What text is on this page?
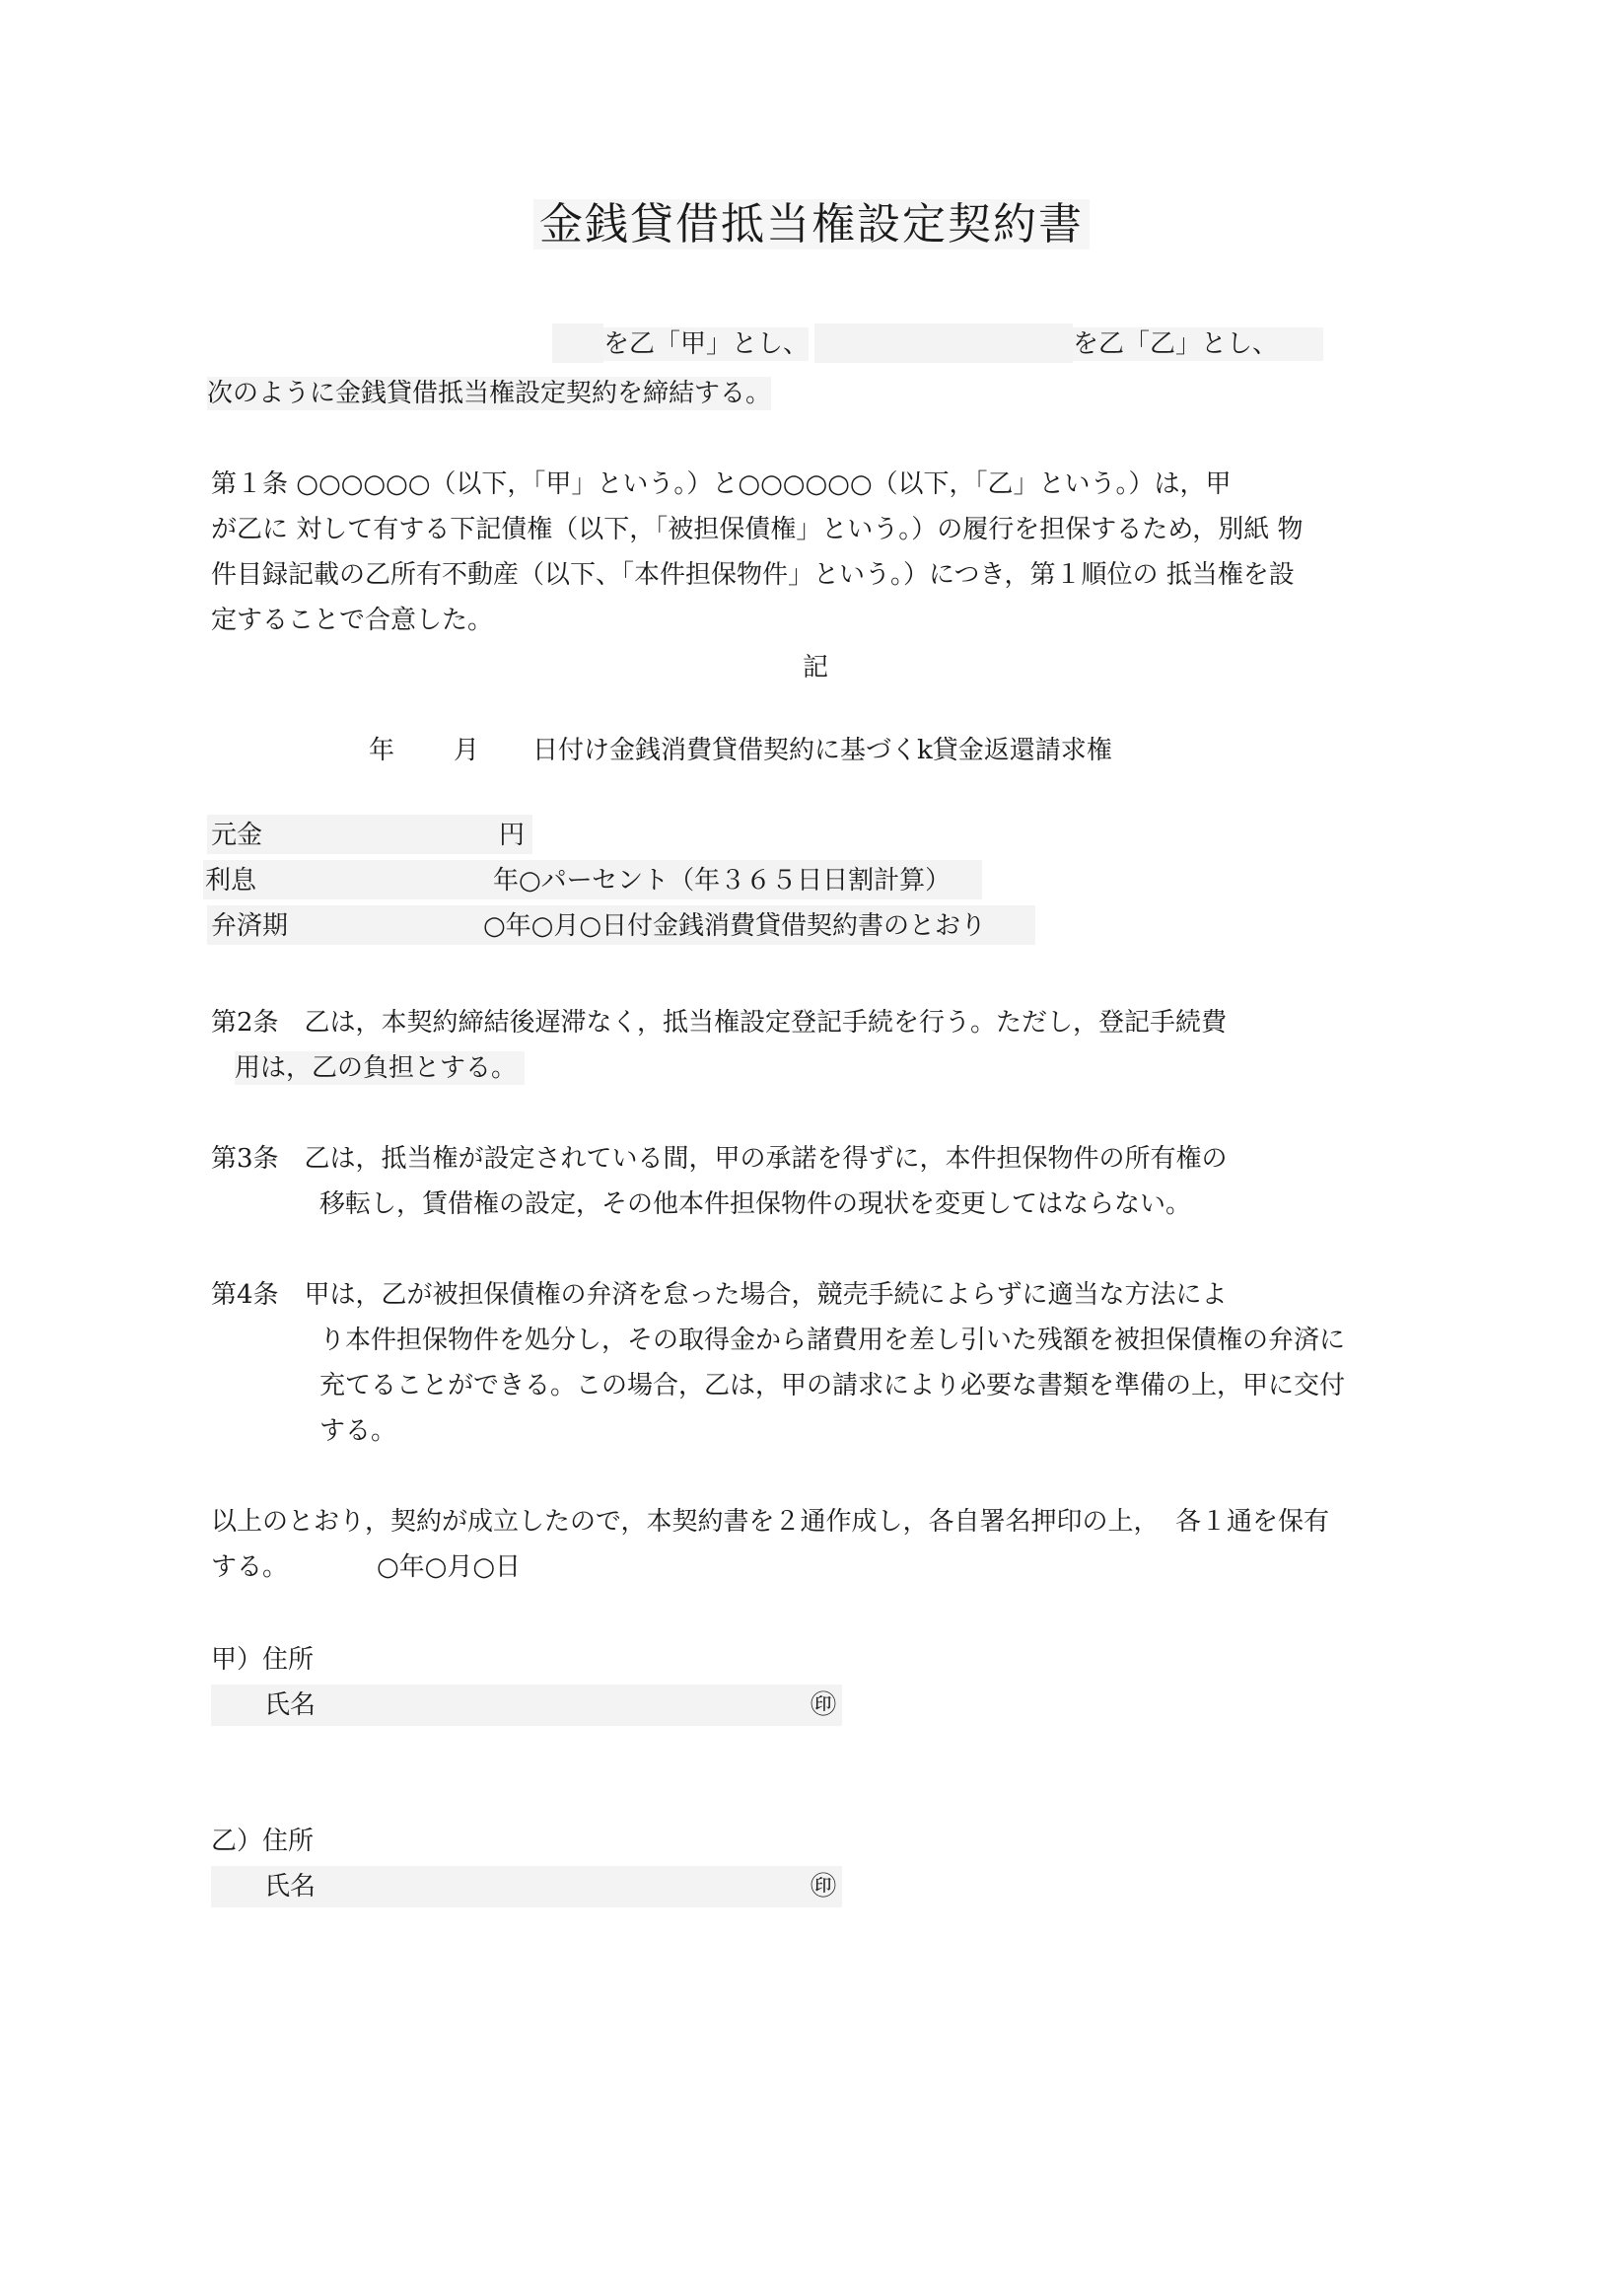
金銭貸借抵当権設定契約書
を乙「甲」とし、	を乙「乙」とし、
次のように金銭貸借抵当権設定契約を締結する。
第１条 ○○○○○○（以下，「甲」という。）と○○○○○○（以下，「乙」という。）は，甲
が乙に 対して有する下記債権（以下，「被担保債権」という。）の履行を担保するため，別紙 物
件目録記載の乙所有不動産（以下、「本件担保物件」という。）につき，第１順位の 抵当権を設
定することで合意した。
記
年 月 日付け金銭消費貸借契約に基づくk貸金返還請求権
元金	円
利息	年○パーセント（年３６５日日割計算）
弁済期	○年○月○日付金銭消費貸借契約書のとおり
第2条　乙は，本契約締結後遅滞なく，抵当権設定登記手続を行う。ただし，登記手続費
用は，乙の負担とする。
第3条　乙は，抵当権が設定されている間，甲の承諾を得ずに，本件担保物件の所有権の
移転し，賃借権の設定，その他本件担保物件の現状を変更してはならない。
第4条　甲は，乙が被担保債権の弁済を怠った場合，競売手続によらずに適当な方法によ
り本件担保物件を処分し，その取得金から諸費用を差し引いた残額を被担保債権の弁済に
充てることができる。この場合，乙は，甲の請求により必要な書類を準備の上，甲に交付
する。
以上のとおり，契約が成立したので，本契約書を２通作成し，各自署名押印の上，  各１通を保有
する。	○年○月○日
甲）住所
氏名	㊞
乙）住所
氏名	㊞
